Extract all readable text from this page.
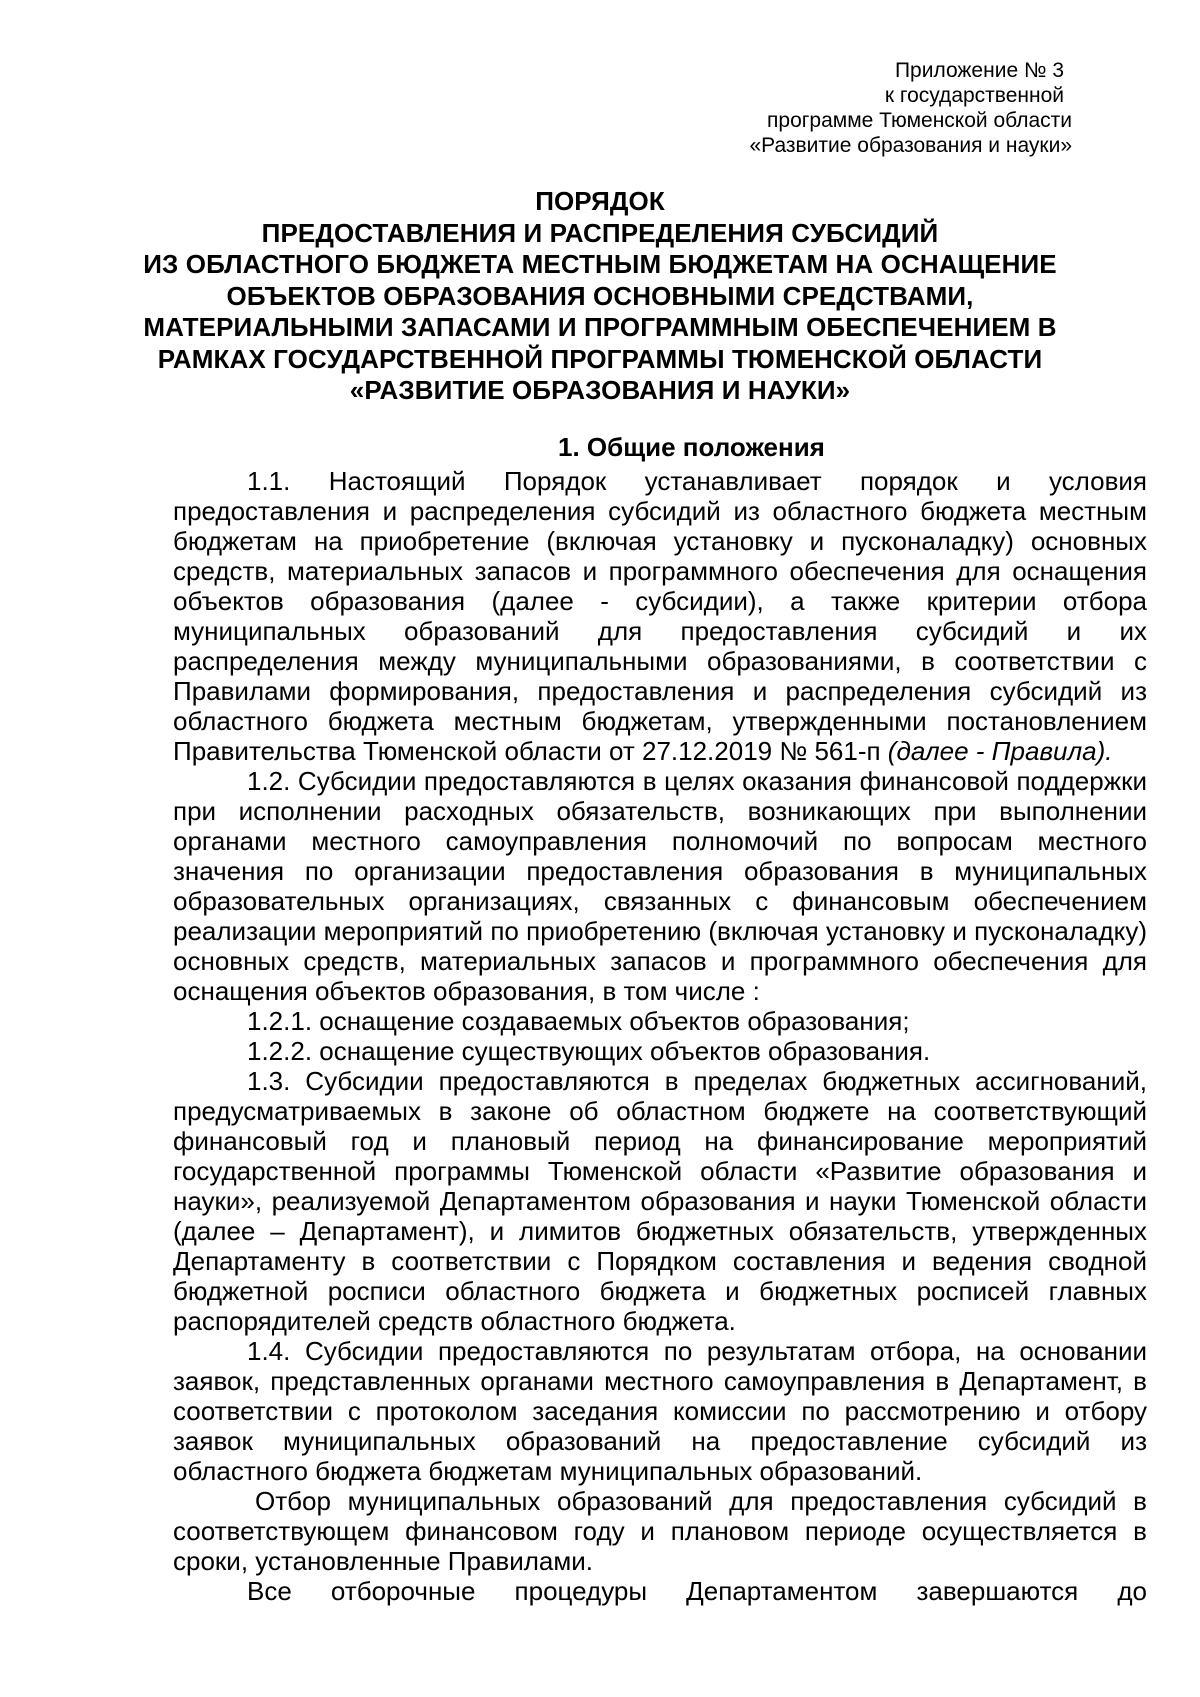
Приложение № 3
к государственной
программе Тюменской области
«Развитие образования и науки»
ПОРЯДОК
ПРЕДОСТАВЛЕНИЯ И РАСПРЕДЕЛЕНИЯ СУБСИДИЙ
ИЗ ОБЛАСТНОГО БЮДЖЕТА МЕСТНЫМ БЮДЖЕТАМ НА ОСНАЩЕНИЕ
ОБЪЕКТОВ ОБРАЗОВАНИЯ ОСНОВНЫМИ СРЕДСТВАМИ,
МАТЕРИАЛЬНЫМИ ЗАПАСАМИ И ПРОГРАММНЫМ ОБЕСПЕЧЕНИЕМ В
РАМКАХ ГОСУДАРСТВЕННОЙ ПРОГРАММЫ ТЮМЕНСКОЙ ОБЛАСТИ
«РАЗВИТИЕ ОБРАЗОВАНИЯ И НАУКИ»
1. Общие положения

1.1. Настоящий Порядок устанавливает порядок и условия предоставления и распределения субсидий из областного бюджета местным бюджетам на приобретение (включая установку и пусконаладку) основных средств, материальных запасов и программного обеспечения для оснащения объектов образования (далее - субсидии), а также критерии отбора муниципальных образований для предоставления субсидий и их распределения между муниципальными образованиями, в соответствии с Правилами формирования, предоставления и распределения субсидий из областного бюджета местным бюджетам, утвержденными постановлением Правительства Тюменской области от 27.12.2019 № 561-п (далее - Правила).

1.2. Субсидии предоставляются в целях оказания финансовой поддержки при исполнении расходных обязательств, возникающих при выполнении органами местного самоуправления полномочий по вопросам местного значения по организации предоставления образования в муниципальных образовательных организациях, связанных с финансовым обеспечением реализации мероприятий по приобретению (включая установку и пусконаладку) основных средств, материальных запасов и программного обеспечения для оснащения объектов образования, в том числе :

1.2.1. оснащение создаваемых объектов образования;

1.2.2. оснащение существующих объектов образования.

1.3. Субсидии предоставляются в пределах бюджетных ассигнований, предусматриваемых в законе об областном бюджете на соответствующий финансовый год и плановый период на финансирование мероприятий государственной программы Тюменской области «Развитие образования и науки», реализуемой Департаментом образования и науки Тюменской области (далее – Департамент), и лимитов бюджетных обязательств, утвержденных Департаменту в соответствии с Порядком составления и ведения сводной бюджетной росписи областного бюджета и бюджетных росписей главных распорядителей средств областного бюджета.

1.4. Субсидии предоставляются по результатам отбора, на основании заявок, представленных органами местного самоуправления в Департамент, в соответствии с протоколом заседания комиссии по рассмотрению и отбору заявок муниципальных образований на предоставление субсидий из областного бюджета бюджетам муниципальных образований.

Отбор муниципальных образований для предоставления субсидий в соответствующем финансовом году и плановом периоде осуществляется в сроки, установленные Правилами.

Все отборочные процедуры Департаментом завершаются до
